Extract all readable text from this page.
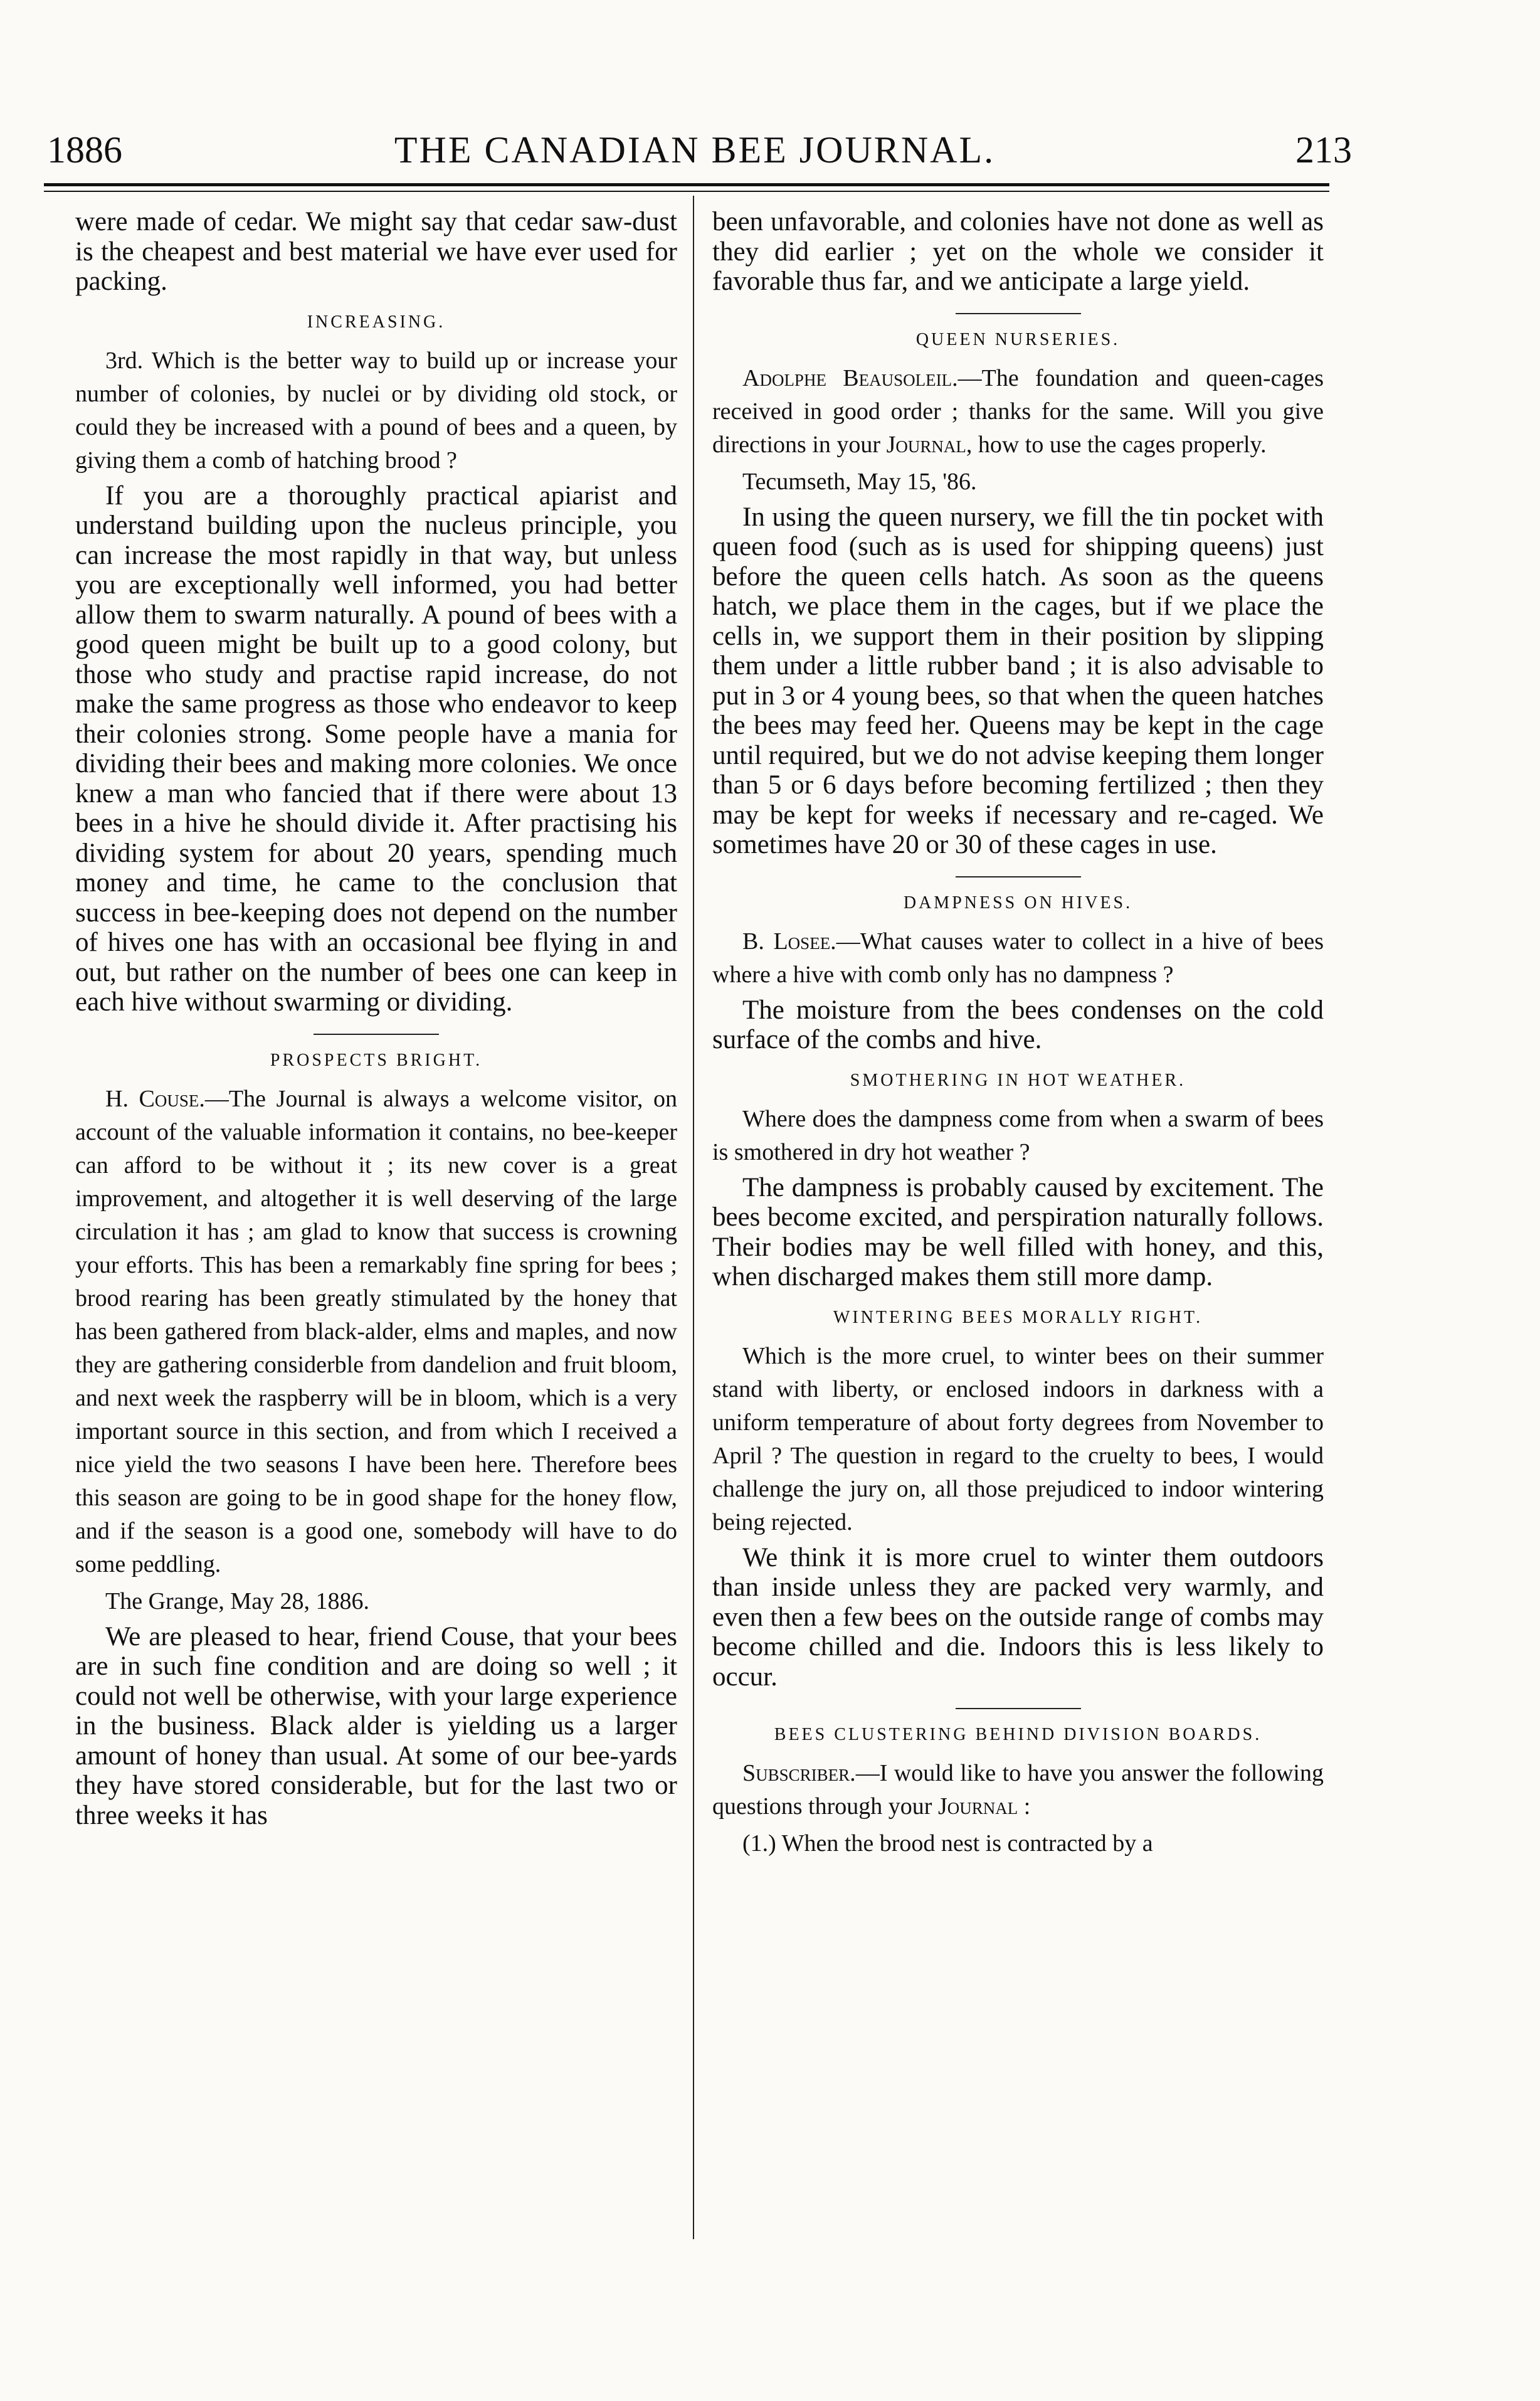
1886	THE CANADIAN BEE JOURNAL.	213

were made of cedar. We might say that cedar saw-dust is the cheapest and best material we have ever used for packing.

INCREASING.

3rd. Which is the better way to build up or increase your number of colonies, by nuclei or by dividing old stock, or could they be increased with a pound of bees and a queen, by giving them a comb of hatching brood ?

If you are a thoroughly practical apiarist and understand building upon the nucleus principle, you can increase the most rapidly in that way, but unless you are exceptionally well informed, you had better allow them to swarm naturally. A pound of bees with a good queen might be built up to a good colony, but those who study and practise rapid increase, do not make the same progress as those who endeavor to keep their colonies strong. Some people have a mania for dividing their bees and making more colonies. We once knew a man who fancied that if there were about 13 bees in a hive he should divide it. After practising his dividing system for about 20 years, spending much money and time, he came to the conclusion that success in bee-keeping does not depend on the number of hives one has with an occasional bee flying in and out, but rather on the number of bees one can keep in each hive without swarming or dividing.

PROSPECTS BRIGHT.

H. Couse.—The Journal is always a welcome visitor, on account of the valuable information it contains, no bee-keeper can afford to be without it ; its new cover is a great improvement, and altogether it is well deserving of the large circulation it has ; am glad to know that success is crowning your efforts. This has been a remarkably fine spring for bees ; brood rearing has been greatly stimulated by the honey that has been gathered from black-alder, elms and maples, and now they are gathering considerble from dandelion and fruit bloom, and next week the raspberry will be in bloom, which is a very important source in this section, and from which I received a nice yield the two seasons I have been here. Therefore bees this season are going to be in good shape for the honey flow, and if the season is a good one, somebody will have to do some peddling.

The Grange, May 28, 1886.

We are pleased to hear, friend Couse, that your bees are in such fine condition and are doing so well ; it could not well be otherwise, with your large experience in the business. Black alder is yielding us a larger amount of honey than usual. At some of our bee-yards they have stored considerable, but for the last two or three weeks it has

been unfavorable, and colonies have not done as well as they did earlier ; yet on the whole we consider it favorable thus far, and we anticipate a large yield.

QUEEN NURSERIES.

Adolphe Beausoleil.—The foundation and queen-cages received in good order ; thanks for the same. Will you give directions in your Journal, how to use the cages properly.

Tecumseth, May 15, '86.

In using the queen nursery, we fill the tin pocket with queen food (such as is used for shipping queens) just before the queen cells hatch. As soon as the queens hatch, we place them in the cages, but if we place the cells in, we support them in their position by slipping them under a little rubber band ; it is also advisable to put in 3 or 4 young bees, so that when the queen hatches the bees may feed her. Queens may be kept in the cage until required, but we do not advise keeping them longer than 5 or 6 days before becoming fertilized ; then they may be kept for weeks if necessary and re-caged. We sometimes have 20 or 30 of these cages in use.

DAMPNESS ON HIVES.

B. Losee.—What causes water to collect in a hive of bees where a hive with comb only has no dampness ?

The moisture from the bees condenses on the cold surface of the combs and hive.

SMOTHERING IN HOT WEATHER.

Where does the dampness come from when a swarm of bees is smothered in dry hot weather ?

The dampness is probably caused by excitement. The bees become excited, and perspiration naturally follows. Their bodies may be well filled with honey, and this, when discharged makes them still more damp.

WINTERING BEES MORALLY RIGHT.

Which is the more cruel, to winter bees on their summer stand with liberty, or enclosed indoors in darkness with a uniform temperature of about forty degrees from November to April ? The question in regard to the cruelty to bees, I would challenge the jury on, all those prejudiced to indoor wintering being rejected.

We think it is more cruel to winter them outdoors than inside unless they are packed very warmly, and even then a few bees on the outside range of combs may become chilled and die. Indoors this is less likely to occur.

BEES CLUSTERING BEHIND DIVISION BOARDS.

Subscriber.—I would like to have you answer the following questions through your Journal :

(1.) When the brood nest is contracted by a
